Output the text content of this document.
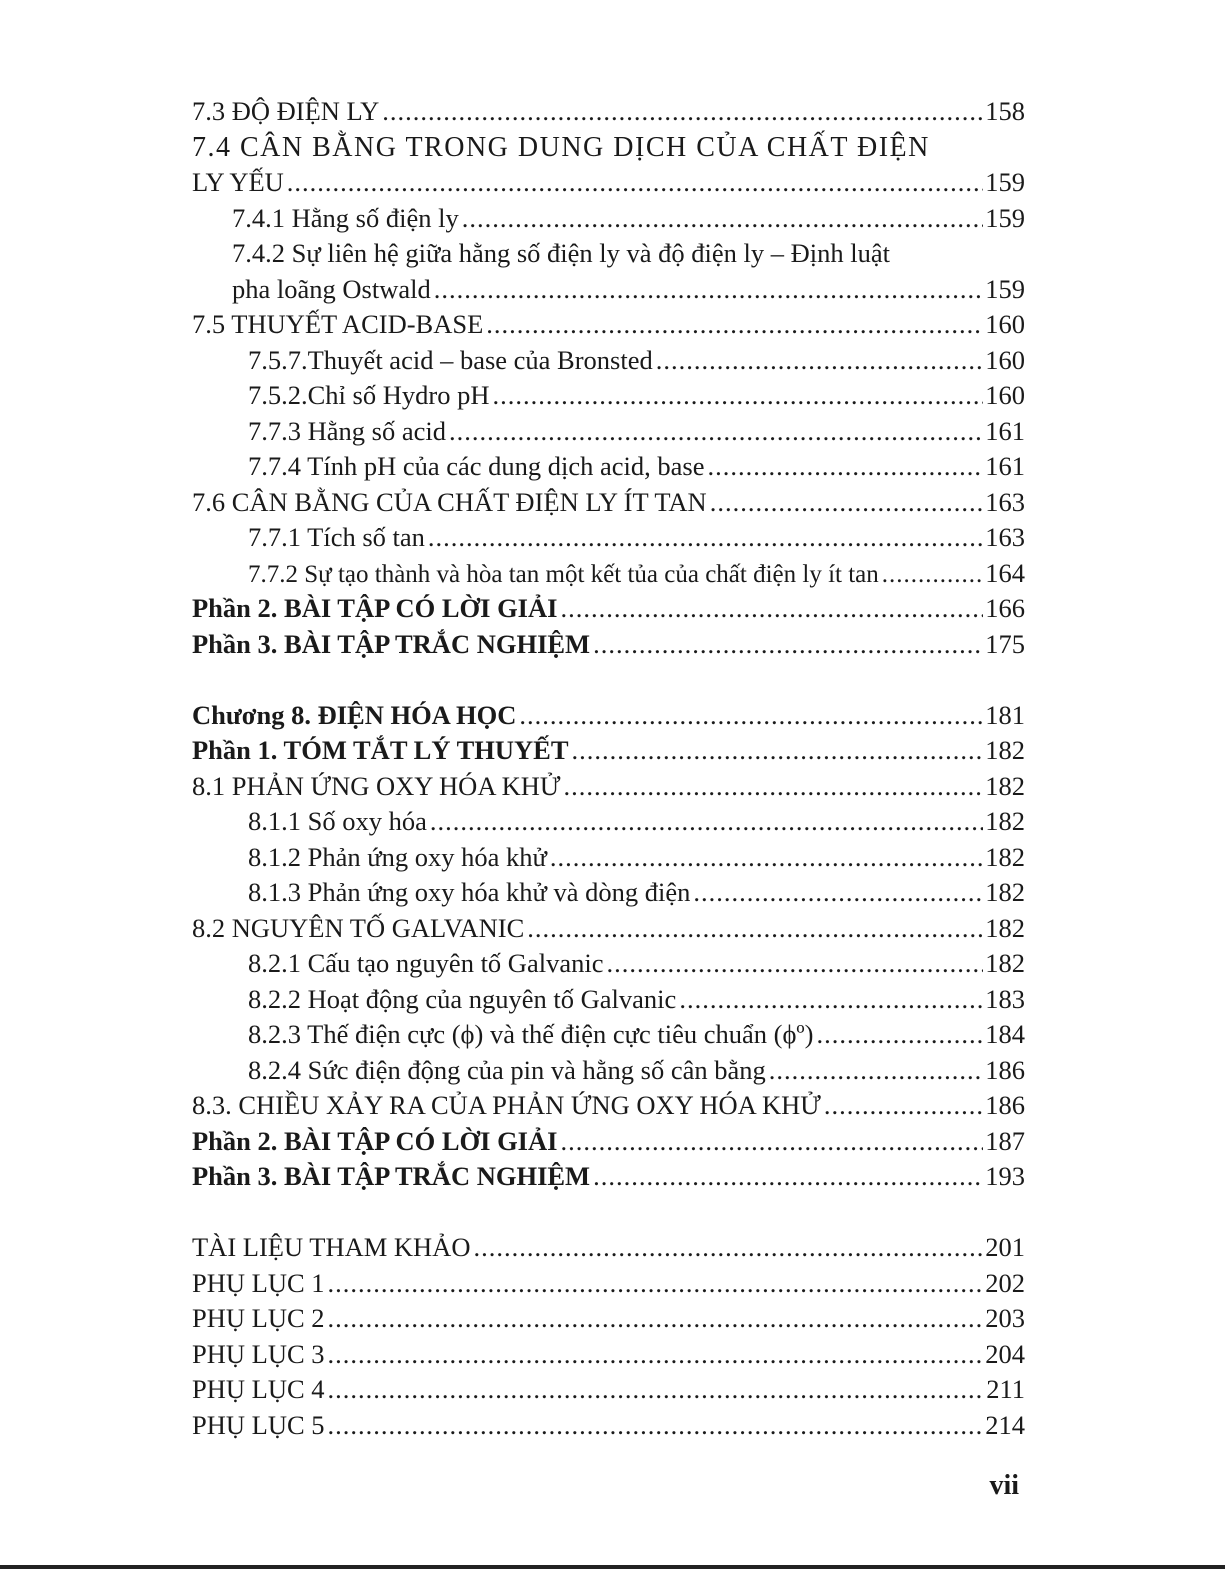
7.3 ĐỘ ĐIỆN LY .....	158
7.4 CÂN BẰNG TRONG DUNG DỊCH CỦA CHẤT ĐIỆN
LY YẾU .....	159
7.4.1 Hằng số điện ly .....	159
7.4.2 Sự liên hệ giữa hằng số điện ly và độ điện ly – Định luật
pha loãng Ostwald .....	159
7.5 THUYẾT ACID-BASE .....	160
7.5.7.Thuyết acid – base của Bronsted .....	160
7.5.2.Chỉ số Hydro pH .....	160
7.7.3 Hằng số acid .....	161
7.7.4 Tính pH của các dung dịch acid, base .....	161
7.6 CÂN BẰNG CỦA CHẤT ĐIỆN LY ÍT TAN .....	163
7.7.1 Tích số tan .....	163
7.7.2 Sự tạo thành và hòa tan một kết tủa của chất điện ly ít tan .....	164
Phần 2. BÀI TẬP CÓ LỜI GIẢI .....	166
Phần 3. BÀI TẬP TRẮC NGHIỆM .....	175
Chương 8. ĐIỆN HÓA HỌC .....	181
Phần 1. TÓM TẮT LÝ THUYẾT .....	182
8.1 PHẢN ỨNG OXY HÓA KHỬ .....	182
8.1.1 Số oxy hóa .....	182
8.1.2 Phản ứng oxy hóa khử .....	182
8.1.3 Phản ứng oxy hóa khử và dòng điện .....	182
8.2 NGUYÊN TỐ GALVANIC .....	182
8.2.1 Cấu tạo nguyên tố Galvanic .....	182
8.2.2 Hoạt động của nguyên tố Galvanic .....	183
8.2.3 Thế điện cực (ϕ) và thế điện cực tiêu chuẩn (ϕº) .....	184
8.2.4 Sức điện động của pin và hằng số cân bằng .....	186
8.3. CHIỀU XẢY RA CỦA PHẢN ỨNG OXY HÓA KHỬ .....	186
Phần 2. BÀI TẬP CÓ LỜI GIẢI .....	187
Phần 3. BÀI TẬP TRẮC NGHIỆM .....	193
TÀI LIỆU THAM KHẢO .....	201
PHỤ LỤC 1 .....	202
PHỤ LỤC 2 .....	203
PHỤ LỤC 3 .....	204
PHỤ LỤC 4 .....	211
PHỤ LỤC 5 .....	214
vii
